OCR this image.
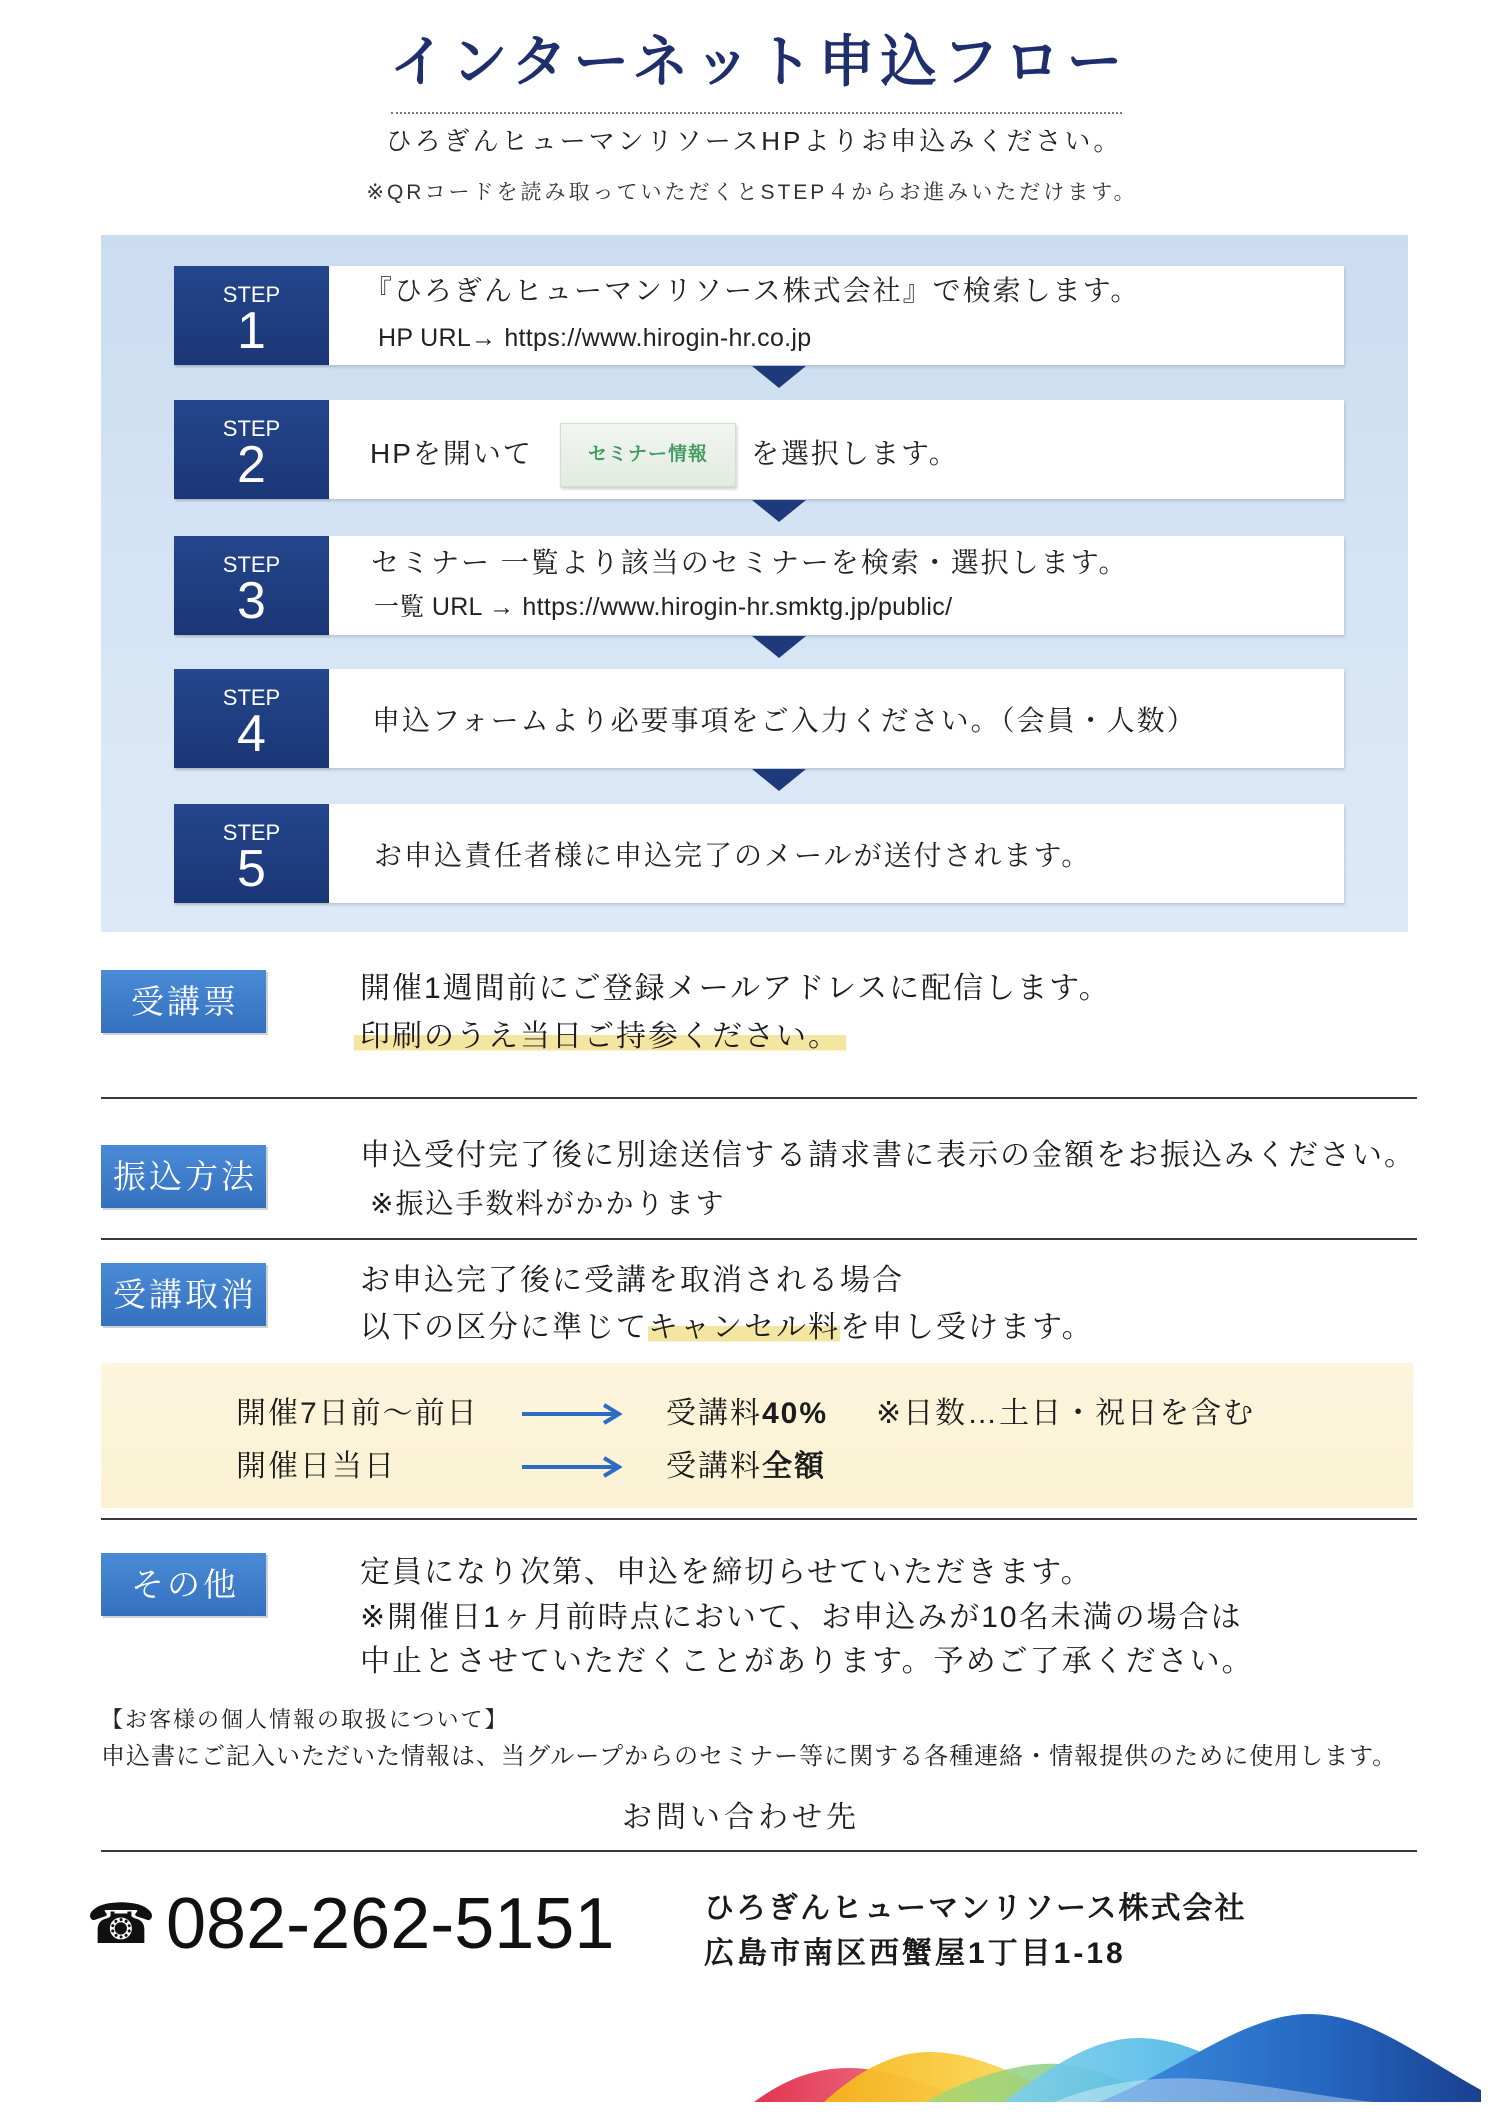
インターネット申込フロー
ひろぎんヒューマンリソースHPよりお申込みください。
※QRコードを読み取っていただくとSTEP４からお進みいただけます。
STEP
1
『ひろぎんヒューマンリソース株式会社』で検索します。
HP URL→ https://www.hirogin-hr.co.jp
STEP
2	HPを開いて	セミナー情報	を選択します。
STEP
3
セミナー 一覧より該当のセミナーを検索・選択します。
一覧 URL → https://www.hirogin-hr.smktg.jp/public/
STEP
4	申込フォームより必要事項をご入力ください。（会員・人数）
STEP
5	お申込責任者様に申込完了のメールが送付されます。
受講票	開催1週間前にご登録メールアドレスに配信します。
印刷のうえ当日ご持参ください。
振込方法
申込受付完了後に別途送信する請求書に表示の金額をお振込みください。
※振込手数料がかかります
受講取消	お申込完了後に受講を取消される場合
以下の区分に準じてキャンセル料を申し受けます。
開催7日前～前日	受講料40% ※日数…土日・祝日を含む
開催日当日	受講料全額
その他	定員になり次第、申込を締切らせていただきます。
※開催日1ヶ月前時点において、お申込みが10名未満の場合は
中止とさせていただくことがあります。予めご了承ください。
【お客様の個人情報の取扱について】
申込書にご記入いただいた情報は、当グループからのセミナー等に関する各種連絡・情報提供のために使用します。
お問い合わせ先
☎
082-262-5151	ひろぎんヒューマンリソース株式会社
広島市南区西蟹屋1丁目1-18
